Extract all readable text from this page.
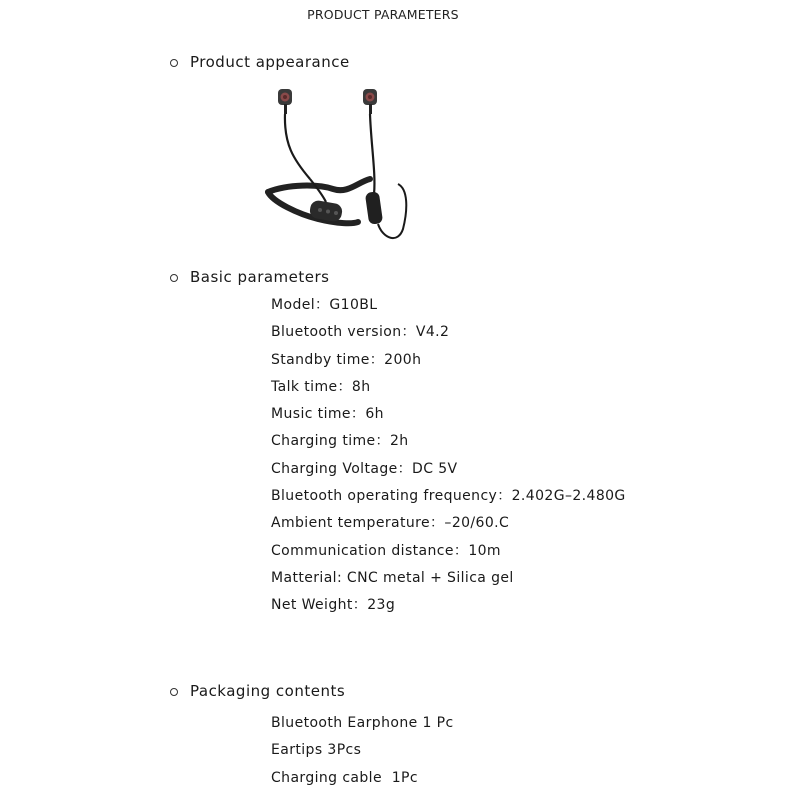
PRODUCT PARAMETERS
Product appearance
Basic parameters
Model：G10BL
Bluetooth version：V4.2
Standby time：200h
Talk time：8h
Music time：6h
Charging time：2h
Charging Voltage：DC 5V
Bluetooth operating frequency：2.402G–2.480G
Ambient temperature：–20/60.C
Communication distance：10m
Matterial: CNC metal + Silica gel
Net Weight：23g
Packaging contents
Bluetooth Earphone 1 Pc
Eartips 3Pcs
Charging cable  1Pc
